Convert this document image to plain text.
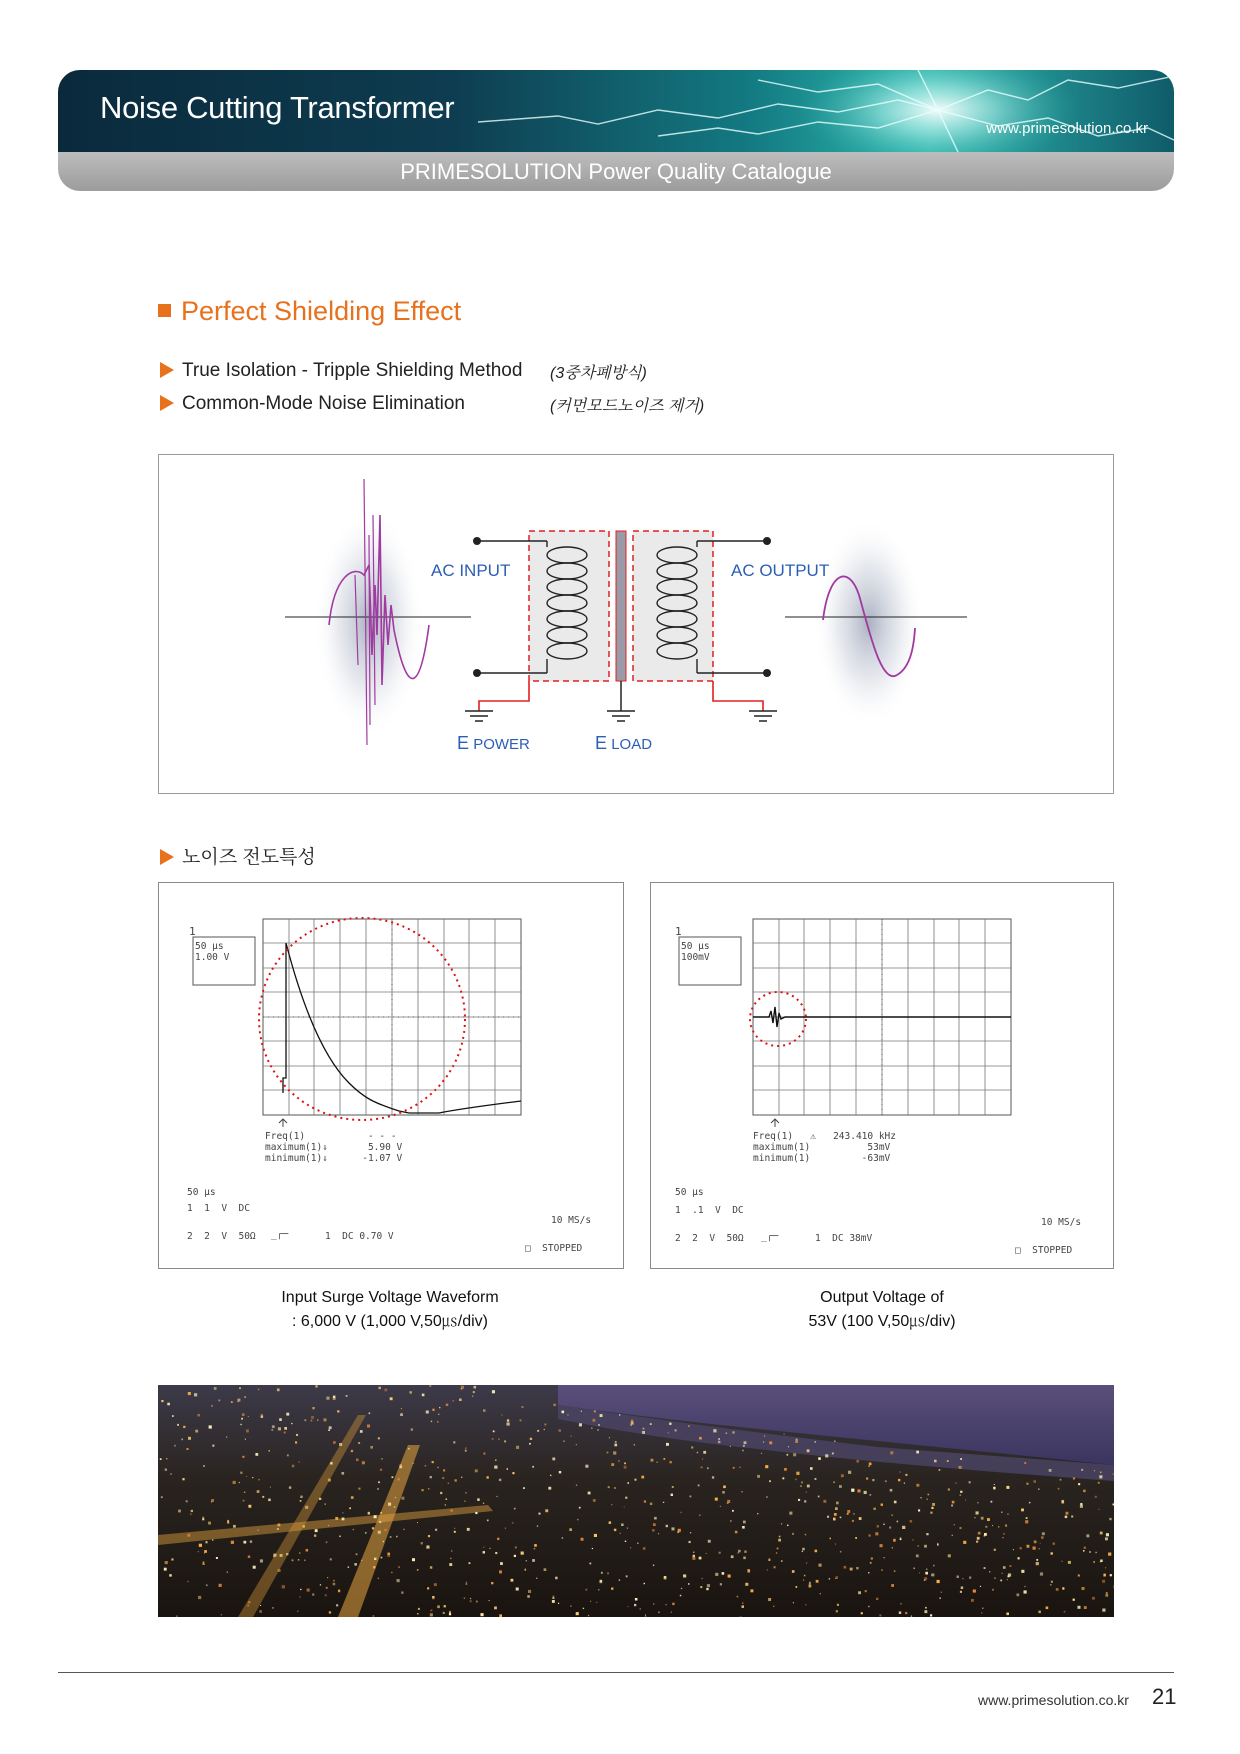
Noise Cutting Transformer
www.primesolution.co.kr
PRIMESOLUTION Power Quality Catalogue
Perfect Shielding Effect
True Isolation - Tripple Shielding Method (3중차폐방식)
Common-Mode Noise Elimination	(커먼모드노이즈 제거)
AC INPUT	AC OUTPUT
E POWER	E LOAD
노이즈 전도특성
1
50 μs
1.00 V
Freq(1)           - - -
maximum(1)⇓       5.90 V
minimum(1)⇓      -1.07 V
50 μs
1  1  V  DC
2  2  V  50Ω _┌─	1  DC 0.70 V
10 MS/s
□  STOPPED
1
50 μs
100mV
Freq(1)   ⚠   243.410 kHz
maximum(1)          53mV
minimum(1)         -63mV
50 μs
1  .1  V  DC
2  2  V  50Ω _┌─	1  DC 38mV
10 MS/s
□  STOPPED
Input Surge Voltage Waveform
: 6,000 V (1,000 V,50㎲/div)
Output Voltage of
53V (100 V,50㎲/div)
www.primesolution.co.kr 21
